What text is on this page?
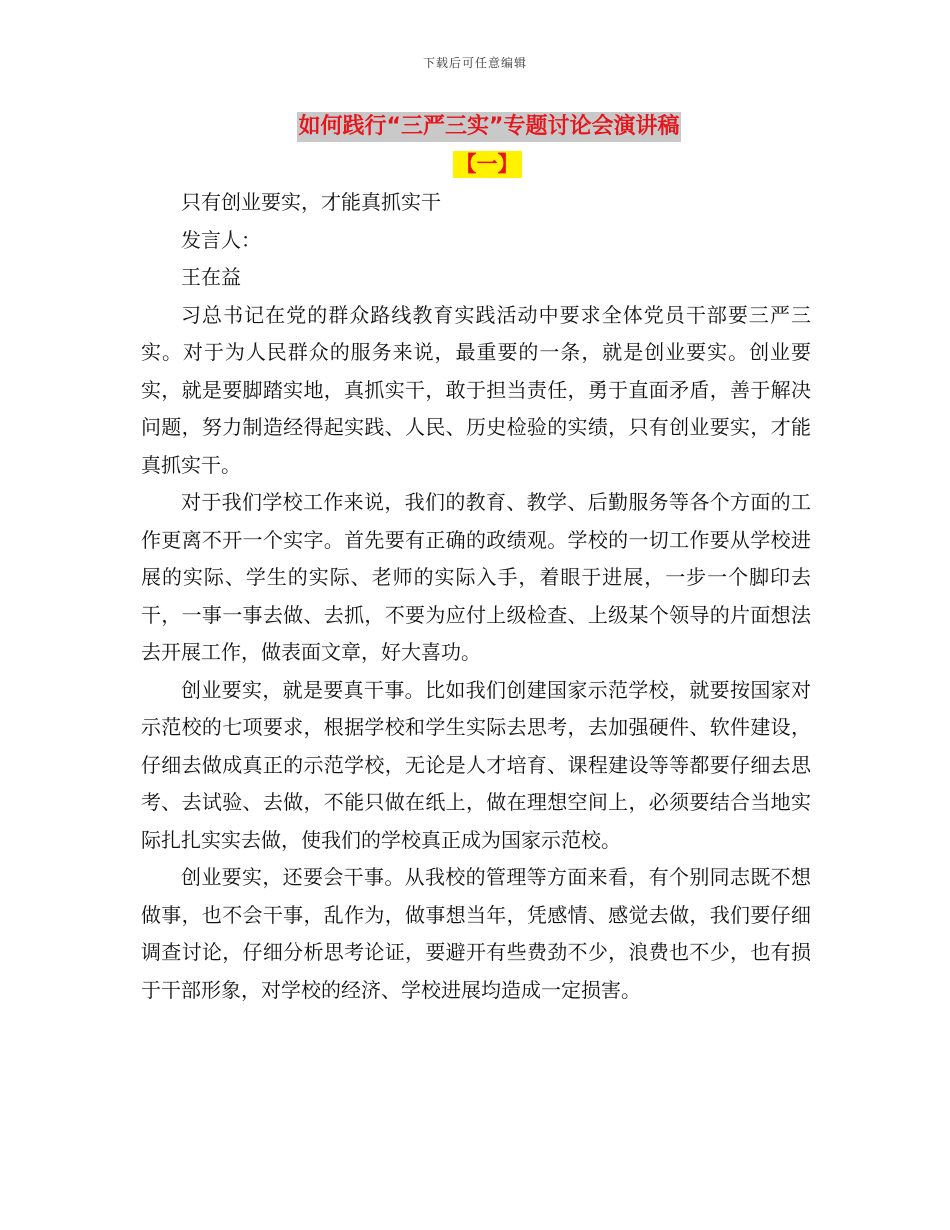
下载后可任意编辑
如何践行“三严三实”专题讨论会演讲稿
【一】

只有创业要实，才能真抓实干

发言人：

王在益

习总书记在党的群众路线教育实践活动中要求全体党员干部要三严三实。对于为人民群众的服务来说，最重要的一条，就是创业要实。创业要实，就是要脚踏实地，真抓实干，敢于担当责任，勇于直面矛盾，善于解决问题，努力制造经得起实践、人民、历史检验的实绩，只有创业要实，才能真抓实干。

对于我们学校工作来说，我们的教育、教学、后勤服务等各个方面的工作更离不开一个实字。首先要有正确的政绩观。学校的一切工作要从学校进展的实际、学生的实际、老师的实际入手，着眼于进展，一步一个脚印去干，一事一事去做、去抓，不要为应付上级检查、上级某个领导的片面想法去开展工作，做表面文章，好大喜功。

创业要实，就是要真干事。比如我们创建国家示范学校，就要按国家对示范校的七项要求，根据学校和学生实际去思考，去加强硬件、软件建设，仔细去做成真正的示范学校，无论是人才培育、课程建设等等都要仔细去思考、去试验、去做，不能只做在纸上，做在理想空间上，必须要结合当地实际扎扎实实去做，使我们的学校真正成为国家示范校。

创业要实，还要会干事。从我校的管理等方面来看，有个别同志既不想做事，也不会干事，乱作为，做事想当年，凭感情、感觉去做，我们要仔细调查讨论，仔细分析思考论证，要避开有些费劲不少，浪费也不少，也有损于干部形象，对学校的经济、学校进展均造成一定损害。
